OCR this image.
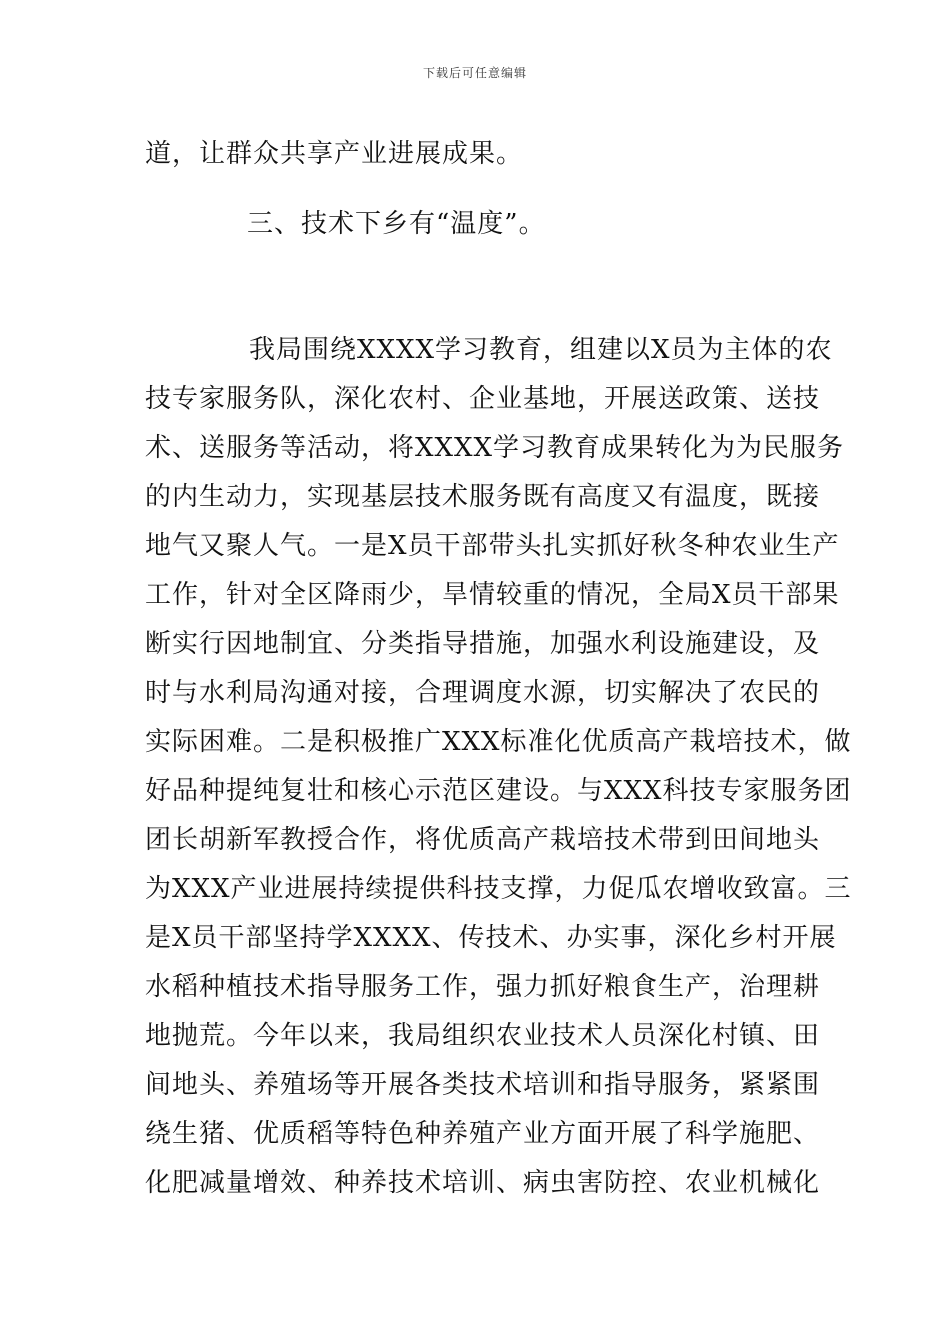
下载后可任意编辑
道，让群众共享产业进展成果。
三、技术下乡有“温度”。
我局围绕XXXX学习教育，组建以X员为主体的农
技专家服务队，深化农村、企业基地，开展送政策、送技
术、送服务等活动，将XXXX学习教育成果转化为为民服务
的内生动力，实现基层技术服务既有高度又有温度，既接
地气又聚人气。一是X员干部带头扎实抓好秋冬种农业生产
工作，针对全区降雨少，旱情较重的情况，全局X员干部果
断实行因地制宜、分类指导措施，加强水利设施建设，及
时与水利局沟通对接，合理调度水源，切实解决了农民的
实际困难。二是积极推广XXX标准化优质高产栽培技术，做
好品种提纯复壮和核心示范区建设。与XXX科技专家服务团
团长胡新军教授合作，将优质高产栽培技术带到田间地头
为XXX产业进展持续提供科技支撑，力促瓜农增收致富。三
是X员干部坚持学XXXX、传技术、办实事，深化乡村开展
水稻种植技术指导服务工作，强力抓好粮食生产，治理耕
地抛荒。今年以来，我局组织农业技术人员深化村镇、田
间地头、养殖场等开展各类技术培训和指导服务，紧紧围
绕生猪、优质稻等特色种养殖产业方面开展了科学施肥、
化肥减量增效、种养技术培训、病虫害防控、农业机械化
